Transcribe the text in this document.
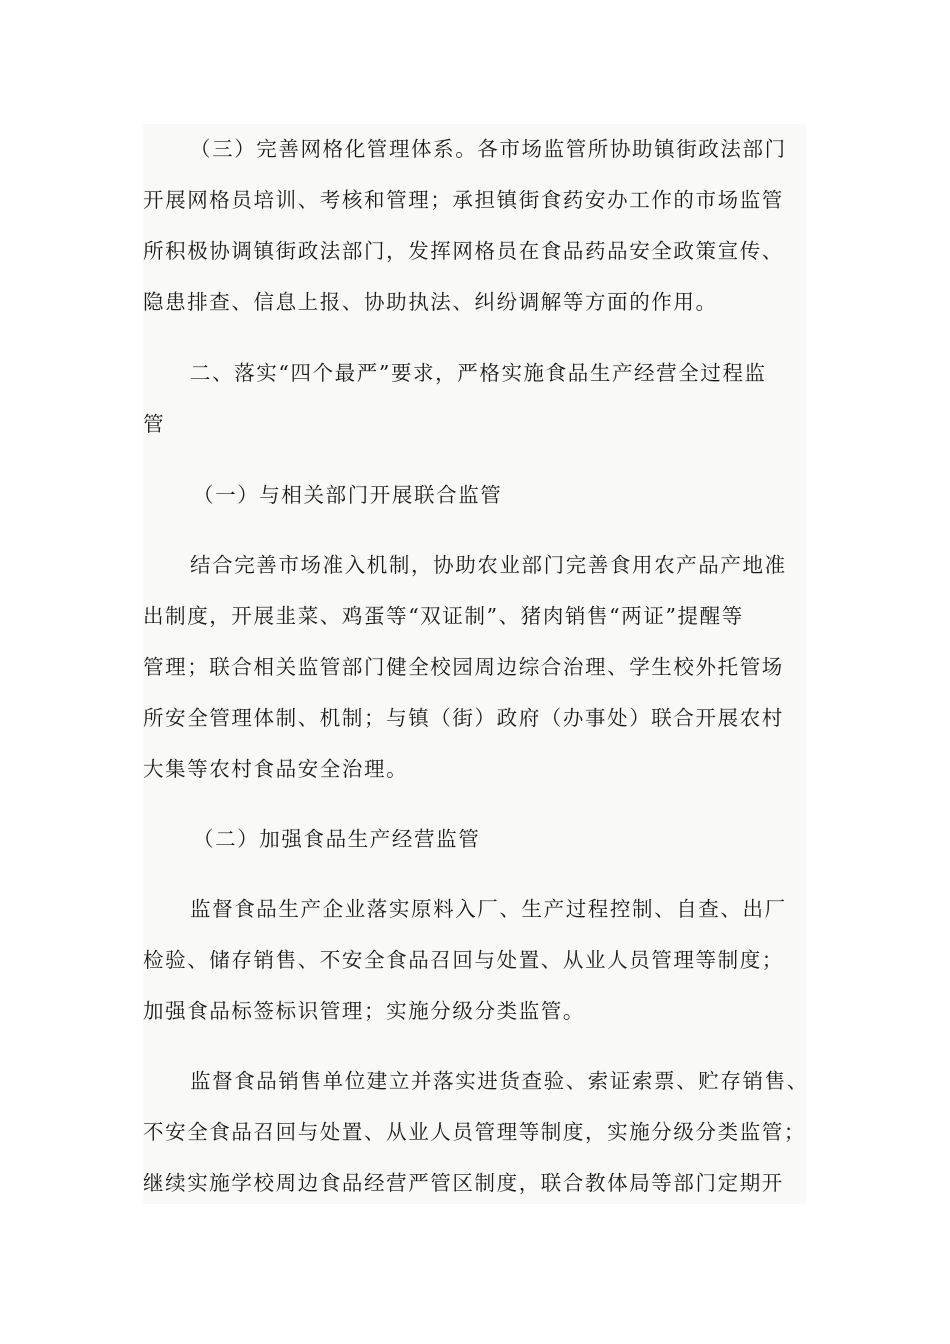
（三）完善网格化管理体系。各市场监管所协助镇街政法部门
开展网格员培训、考核和管理；承担镇街食药安办工作的市场监管
所积极协调镇街政法部门，发挥网格员在食品药品安全政策宣传、
隐患排查、信息上报、协助执法、纠纷调解等方面的作用。
二、落实“四个最严”要求，严格实施食品生产经营全过程监
管
（一）与相关部门开展联合监管
结合完善市场准入机制，协助农业部门完善食用农产品产地准
出制度，开展韭菜、鸡蛋等“双证制”、猪肉销售“两证”提醒等
管理；联合相关监管部门健全校园周边综合治理、学生校外托管场
所安全管理体制、机制；与镇（街）政府（办事处）联合开展农村
大集等农村食品安全治理。
（二）加强食品生产经营监管
监督食品生产企业落实原料入厂、生产过程控制、自查、出厂
检验、储存销售、不安全食品召回与处置、从业人员管理等制度；
加强食品标签标识管理；实施分级分类监管。
监督食品销售单位建立并落实进货查验、索证索票、贮存销售、
不安全食品召回与处置、从业人员管理等制度，实施分级分类监管；
继续实施学校周边食品经营严管区制度，联合教体局等部门定期开
